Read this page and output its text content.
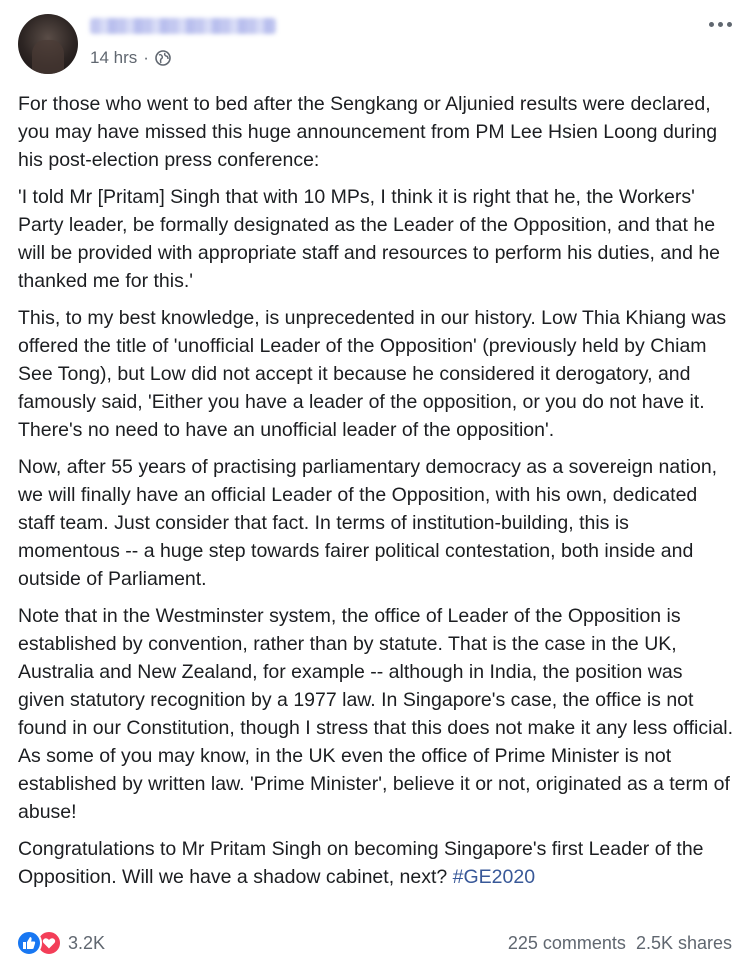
14 hrs ·

For those who went to bed after the Sengkang or Aljunied results were declared, you may have missed this huge announcement from PM Lee Hsien Loong during his post-election press conference:

'I told Mr [Pritam] Singh that with 10 MPs, I think it is right that he, the Workers' Party leader, be formally designated as the Leader of the Opposition, and that he will be provided with appropriate staff and resources to perform his duties, and he thanked me for this.'

This, to my best knowledge, is unprecedented in our history. Low Thia Khiang was offered the title of 'unofficial Leader of the Opposition' (previously held by Chiam See Tong), but Low did not accept it because he considered it derogatory, and famously said, 'Either you have a leader of the opposition, or you do not have it. There's no need to have an unofficial leader of the opposition'.

Now, after 55 years of practising parliamentary democracy as a sovereign nation, we will finally have an official Leader of the Opposition, with his own, dedicated staff team. Just consider that fact. In terms of institution-building, this is momentous -- a huge step towards fairer political contestation, both inside and outside of Parliament.

Note that in the Westminster system, the office of Leader of the Opposition is established by convention, rather than by statute. That is the case in the UK, Australia and New Zealand, for example -- although in India, the position was given statutory recognition by a 1977 law. In Singapore's case, the office is not found in our Constitution, though I stress that this does not make it any less official. As some of you may know, in the UK even the office of Prime Minister is not established by written law. 'Prime Minister', believe it or not, originated as a term of abuse!

Congratulations to Mr Pritam Singh on becoming Singapore's first Leader of the Opposition. Will we have a shadow cabinet, next? #GE2020

3.2K	225 comments 2.5K shares
